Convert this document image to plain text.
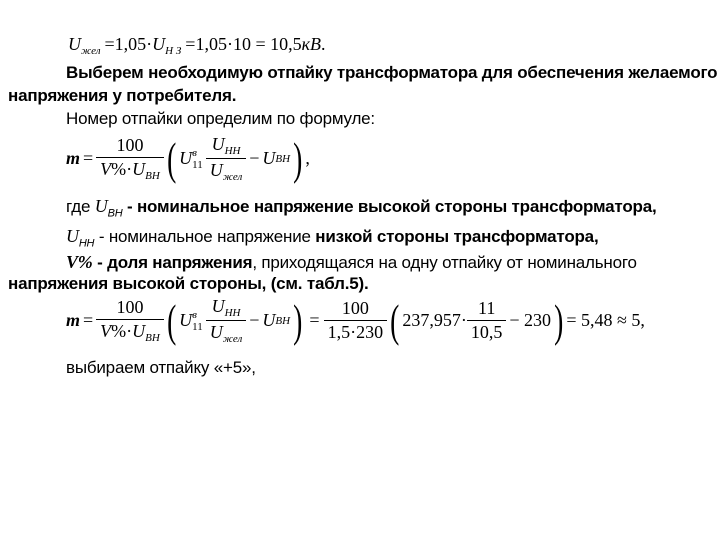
$U_{жел} =1,05\cdot U_{Н З} =1,05\cdot 10 = 10,5кВ$.
Выберем необходимую отпайку трансформатора для обеспечения желаемого
напряжения у потребителя.
Номер отпайки определим по формуле:
$m = \frac{100}{V\%\cdot U_{ВН}}$ ( U в
$11 \frac{U_{НН}}{U_{жел}} - U$ ВН ) ,
где $U_{ВН}$ - номинальное напряжение высокой стороны трансформатора,
$U_{НН}$ - номинальное напряжение низкой стороны трансформатора,
V% - доля напряжения, приходящаяся на одну отпайку от номинального
напряжения высокой стороны, (см. табл.5).
$m = \frac{100}{V\%\cdot U_{ВН}}$ ( U в
$11 \frac{U_{НН}}{U_{жел}} - U$ ВН ) = $\frac{100}{1,5\cdot 230}$ ( $237,957\cdot \frac{11}{10,5} - 230$ ) = 5,48 ≈ 5 ,
выбираем отпайку «+5»,
